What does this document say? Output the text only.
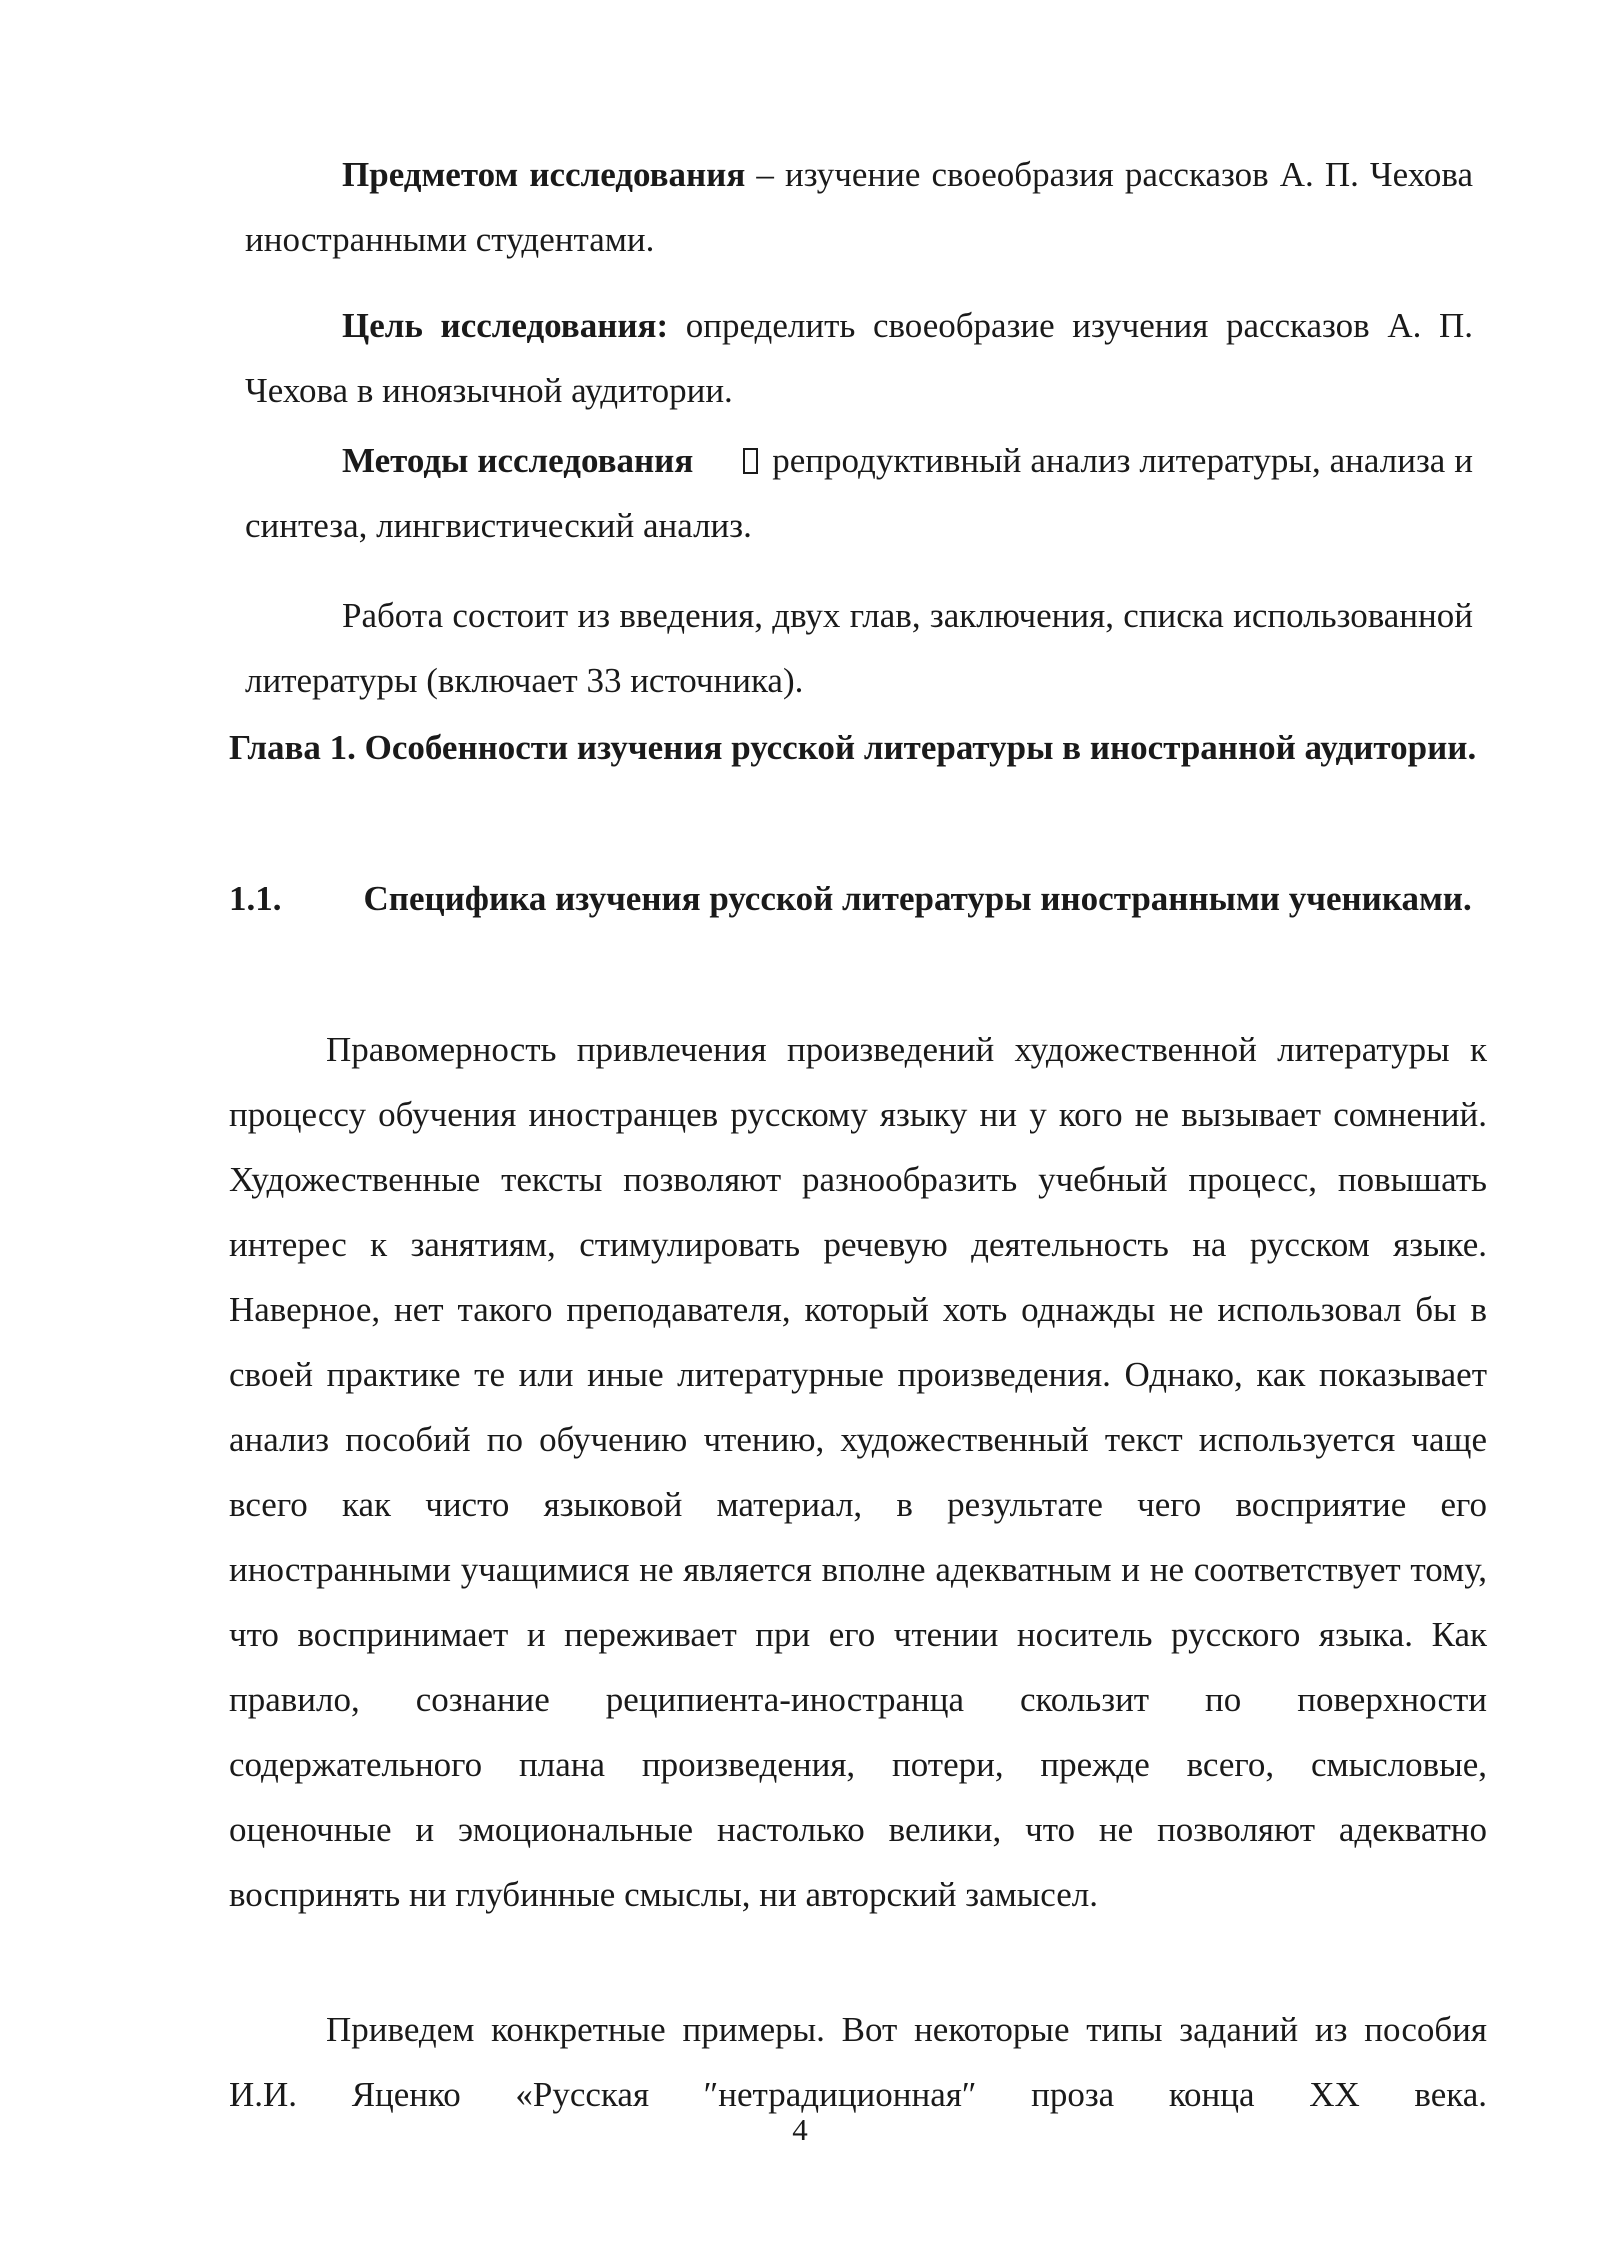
Предметом исследования – изучение своеобразия рассказов А. П. Чехова иностранными студентами.

Цель исследования: определить своеобразие изучения рассказов А. П. Чехова в иноязычной аудитории.

Методы исследования репродуктивный анализ литературы, анализа и синтеза, лингвистический анализ.

Работа состоит из введения, двух глав, заключения, списка использованной литературы (включает 33 источника).

Глава 1. Особенности изучения русской литературы в иностранной аудитории.

1.1. Специфика изучения русской литературы иностранными учениками.

Правомерность привлечения произведений художественной литературы к процессу обучения иностранцев русскому языку ни у кого не вызывает сомнений. Художественные тексты позволяют разнообразить учебный процесс, повышать интерес к занятиям, стимулировать речевую деятельность на русском языке. Наверное, нет такого преподавателя, который хоть однажды не использовал бы в своей практике те или иные литературные произведения. Однако, как показывает анализ пособий по обучению чтению, художественный текст используется чаще всего как чисто языковой материал, в результате чего восприятие его иностранными учащимися не является вполне адекватным и не соответствует тому, что воспринимает и переживает при его чтении носитель русского языка. Как правило, сознание реципиента-иностранца скользит по поверхности содержательного плана произведения, потери, прежде всего, смысловые, оценочные и эмоциональные настолько велики, что не позволяют адекватно воспринять ни глубинные смыслы, ни авторский замысел.

Приведем конкретные примеры. Вот некоторые типы заданий из пособия И.И. Яценко «Русская ″нетрадиционная″ проза конца XX века.

4
